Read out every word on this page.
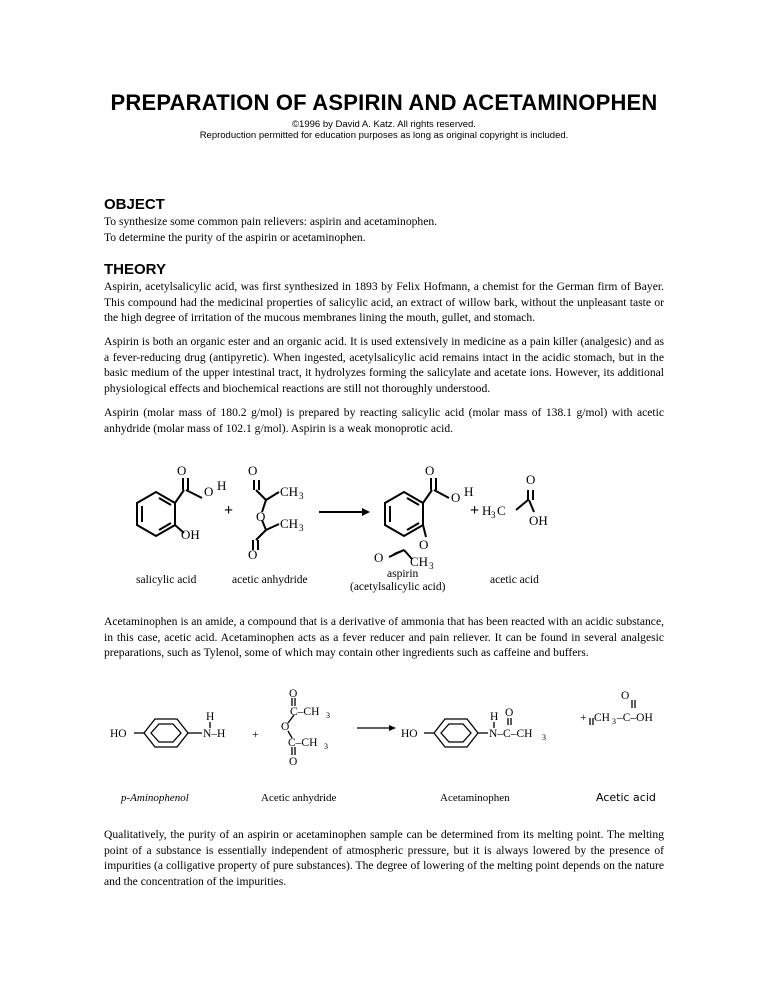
PREPARATION OF ASPIRIN AND ACETAMINOPHEN
©1996 by David A. Katz. All rights reserved.
Reproduction permitted for education purposes as long as original copyright is included.
OBJECT
To synthesize some common pain relievers: aspirin and acetaminophen.
To determine the purity of the aspirin or acetaminophen.
THEORY
Aspirin, acetylsalicylic acid, was first synthesized in 1893 by Felix Hofmann, a chemist for the German firm of Bayer. This compound had the medicinal properties of salicylic acid, an extract of willow bark, without the unpleasant taste or the high degree of irritation of the mucous membranes lining the mouth, gullet, and stomach.
Aspirin is both an organic ester and an organic acid. It is used extensively in medicine as a pain killer (analgesic) and as a fever-reducing drug (antipyretic). When ingested, acetylsalicylic acid remains intact in the acidic stomach, but in the basic medium of the upper intestinal tract, it hydrolyzes forming the salicylate and acetate ions. However, its additional physiological effects and biochemical reactions are still not thoroughly understood.
Aspirin (molar mass of 180.2 g/mol) is prepared by reacting salicylic acid (molar mass of 138.1 g/mol) with acetic anhydride (molar mass of 102.1 g/mol). Aspirin is a weak monoprotic acid.
O
O H
OH
+
O
CH 3
O CH 3
O
O
O H
O
O CH 3
+ H 3 C
O
OH
salicylic acid	acetic anhydride	aspirin
(acetylsalicylic acid)
acetic acid
Acetaminophen is an amide, a compound that is a derivative of ammonia that has been reacted with an acidic substance, in this case, acetic acid. Acetaminophen acts as a fever reducer and pain reliever. It can be found in several analgesic preparations, such as Tylenol, some of which may contain other ingredients such as caffeine and buffers.
HO
H
N–H +
O
C–CH 3
O
C–CH 3
O
HO
H O
N–C–CH 3
p-Aminophenol	Acetic anhydride	Acetaminophen
O
+ CH 3 –C–OH
Acetic acid
Qualitatively, the purity of an aspirin or acetaminophen sample can be determined from its melting point. The melting point of a substance is essentially independent of atmospheric pressure, but it is always lowered by the presence of impurities (a colligative property of pure substances). The degree of lowering of the melting point depends on the nature and the concentration of the impurities.
